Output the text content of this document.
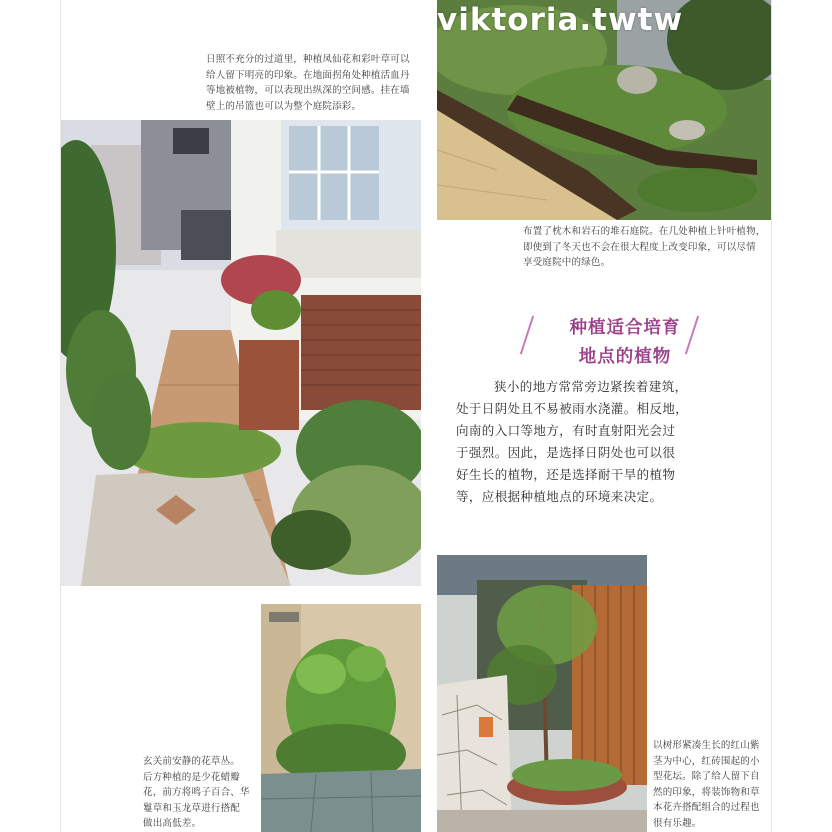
日照不充分的过道里，种植凤仙花和彩叶草可以
给人留下明亮的印象。在地面拐角处种植活血丹
等地被植物，可以表现出纵深的空间感。挂在墙
壁上的吊篮也可以为整个庭院添彩。
viktoria.twtw
布置了枕木和岩石的堆石庭院。在几处种植上针叶植物，
即使到了冬天也不会在很大程度上改变印象，可以尽情
享受庭院中的绿色。
种植适合培育
地点的植物
狭小的地方常常旁边紧挨着建筑，
处于日阴处且不易被雨水浇灌。相反地，
向南的入口等地方，有时直射阳光会过
于强烈。因此，是选择日阴处也可以很
好生长的植物，还是选择耐干旱的植物
等，应根据种植地点的环境来决定。
玄关前安静的花草丛。
后方种植的是少花蜡瓣
花，前方将鸣子百合、华
鬘草和玉龙草进行搭配
做出高低差。
以树形紧凑生长的红山紫
茎为中心，红砖围起的小
型花坛。除了给人留下自
然的印象，将装饰物和草
本花卉搭配组合的过程也
很有乐趣。
